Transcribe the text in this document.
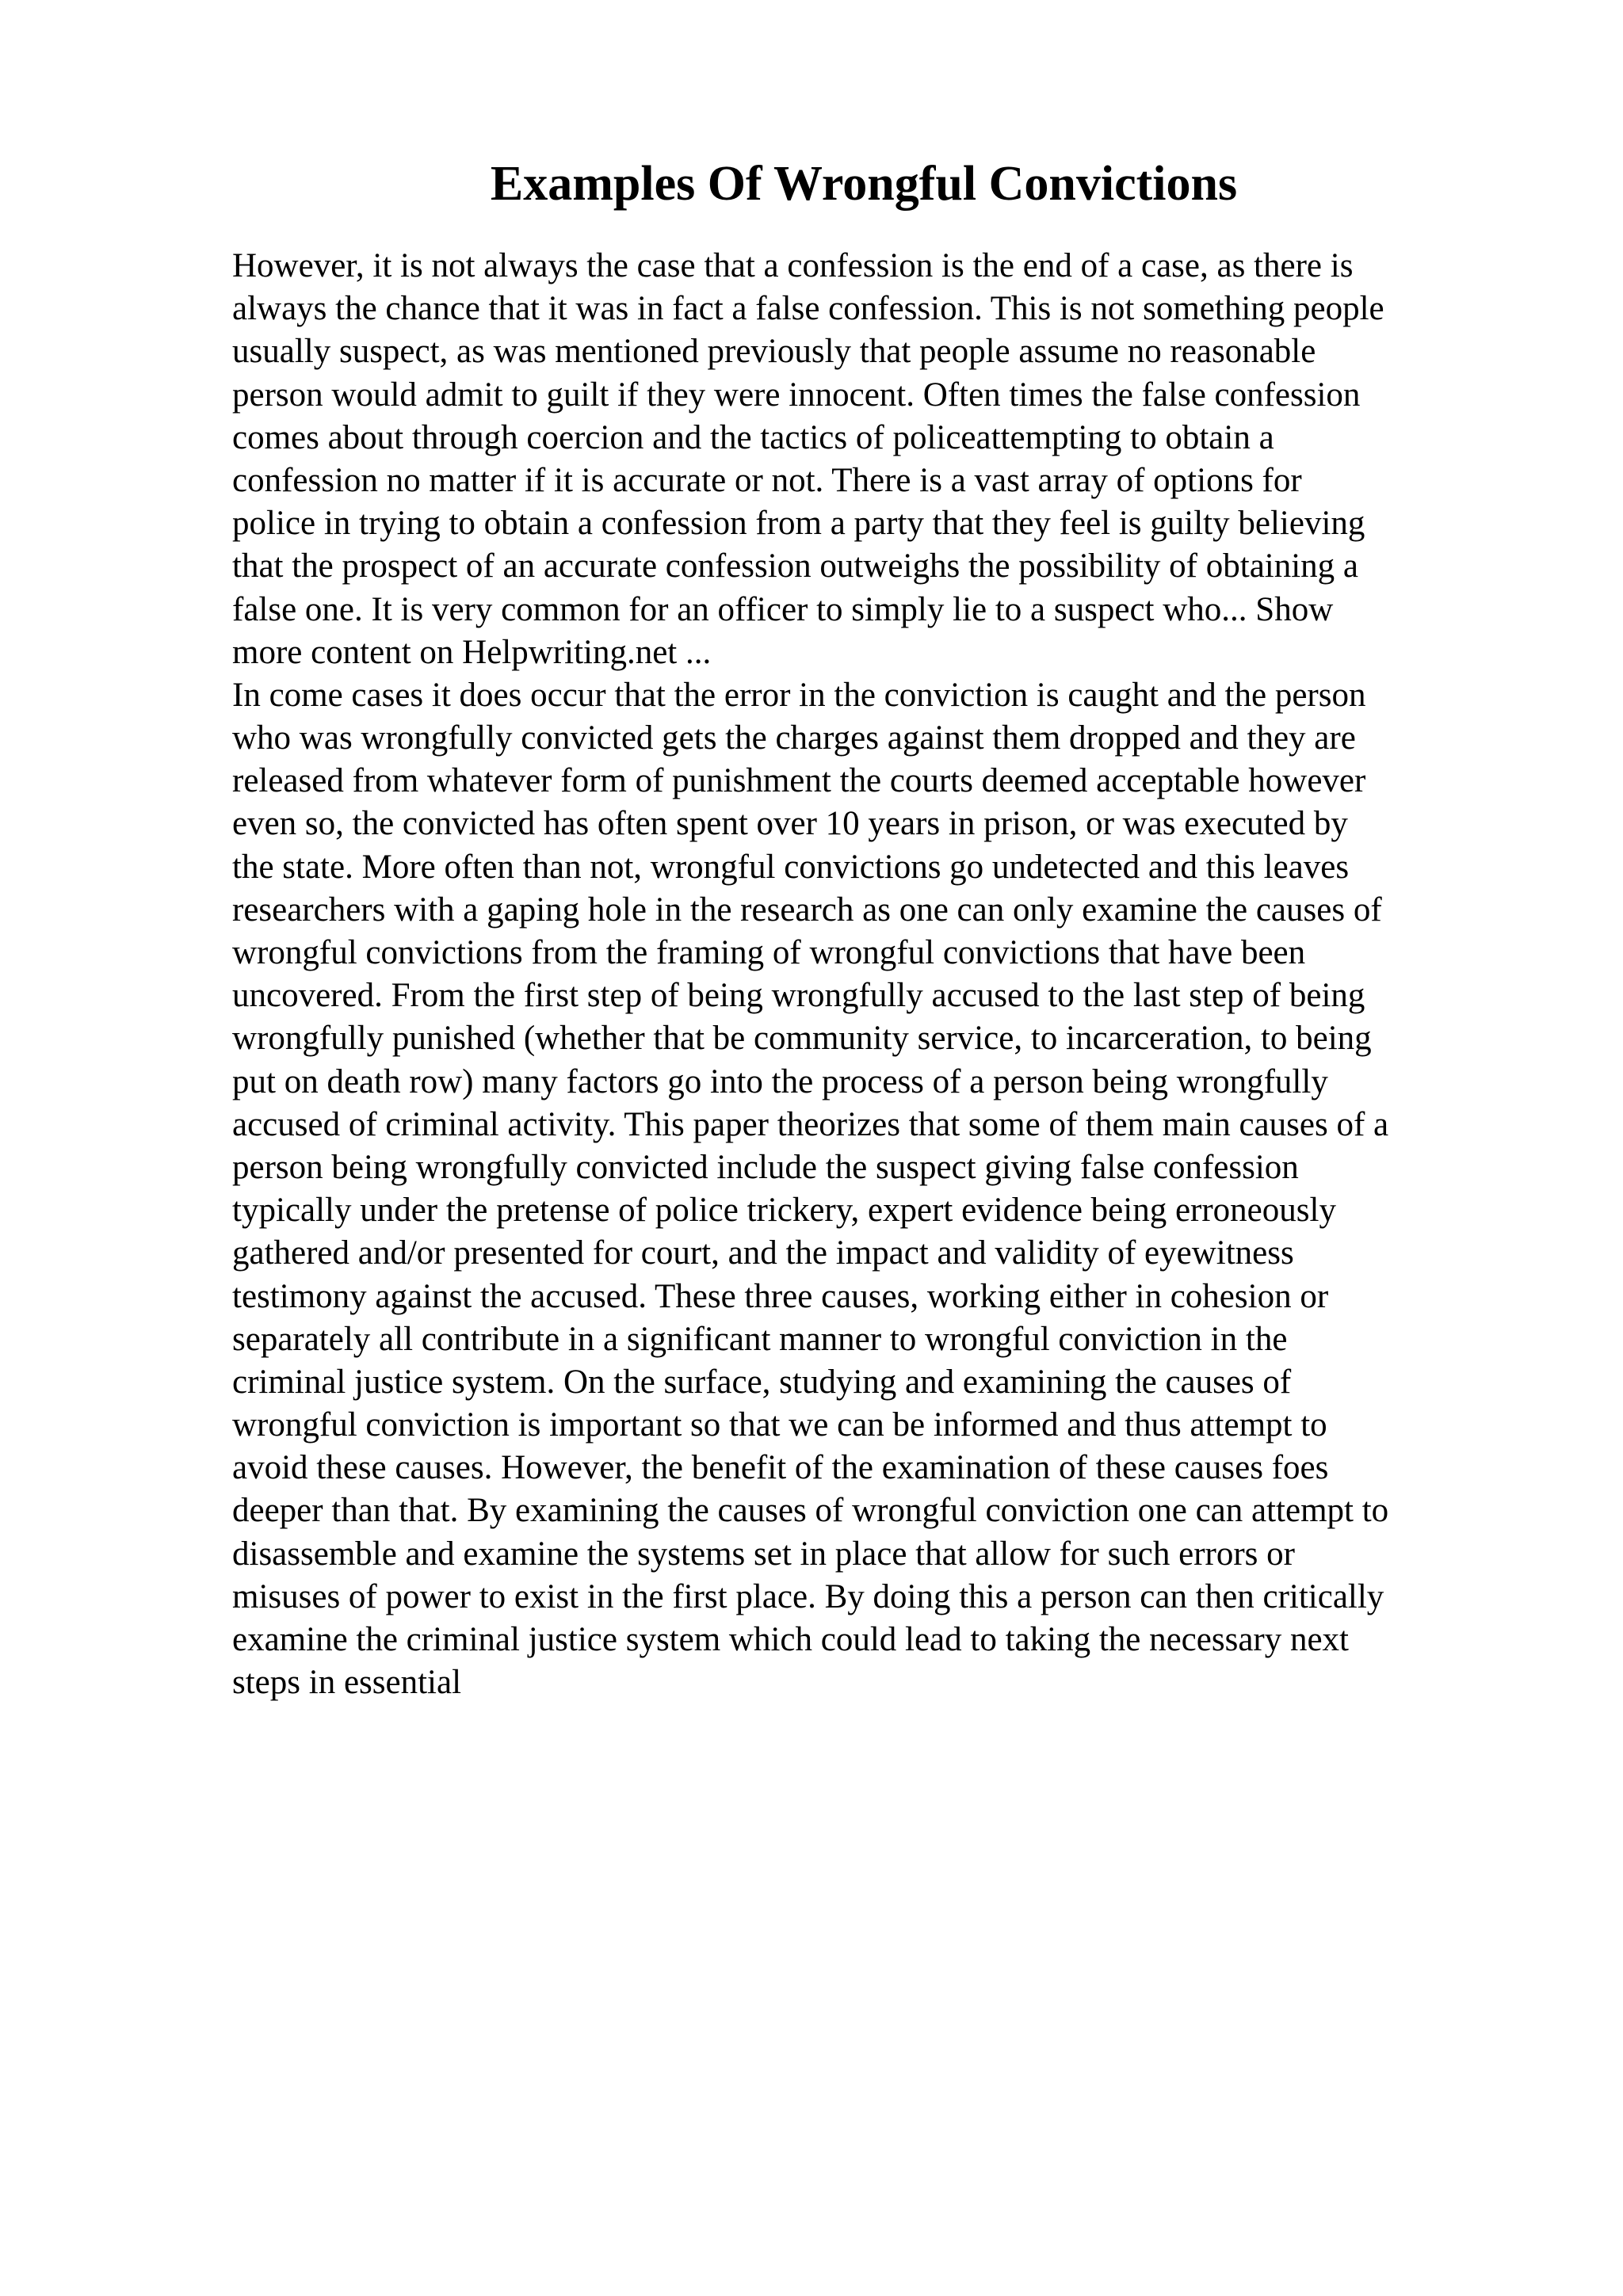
Examples Of Wrongful Convictions
However, it is not always the case that a confession is the end of a case, as there is
always the chance that it was in fact a false confession. This is not something people
usually suspect, as was mentioned previously that people assume no reasonable
person would admit to guilt if they were innocent. Often times the false confession
comes about through coercion and the tactics of policeattempting to obtain a
confession no matter if it is accurate or not. There is a vast array of options for
police in trying to obtain a confession from a party that they feel is guilty believing
that the prospect of an accurate confession outweighs the possibility of obtaining a
false one. It is very common for an officer to simply lie to a suspect who... Show
more content on Helpwriting.net ...
In come cases it does occur that the error in the conviction is caught and the person
who was wrongfully convicted gets the charges against them dropped and they are
released from whatever form of punishment the courts deemed acceptable however
even so, the convicted has often spent over 10 years in prison, or was executed by
the state. More often than not, wrongful convictions go undetected and this leaves
researchers with a gaping hole in the research as one can only examine the causes of
wrongful convictions from the framing of wrongful convictions that have been
uncovered. From the first step of being wrongfully accused to the last step of being
wrongfully punished (whether that be community service, to incarceration, to being
put on death row) many factors go into the process of a person being wrongfully
accused of criminal activity. This paper theorizes that some of them main causes of a
person being wrongfully convicted include the suspect giving false confession
typically under the pretense of police trickery, expert evidence being erroneously
gathered and/or presented for court, and the impact and validity of eyewitness
testimony against the accused. These three causes, working either in cohesion or
separately all contribute in a significant manner to wrongful conviction in the
criminal justice system. On the surface, studying and examining the causes of
wrongful conviction is important so that we can be informed and thus attempt to
avoid these causes. However, the benefit of the examination of these causes foes
deeper than that. By examining the causes of wrongful conviction one can attempt to
disassemble and examine the systems set in place that allow for such errors or
misuses of power to exist in the first place. By doing this a person can then critically
examine the criminal justice system which could lead to taking the necessary next
steps in essential
